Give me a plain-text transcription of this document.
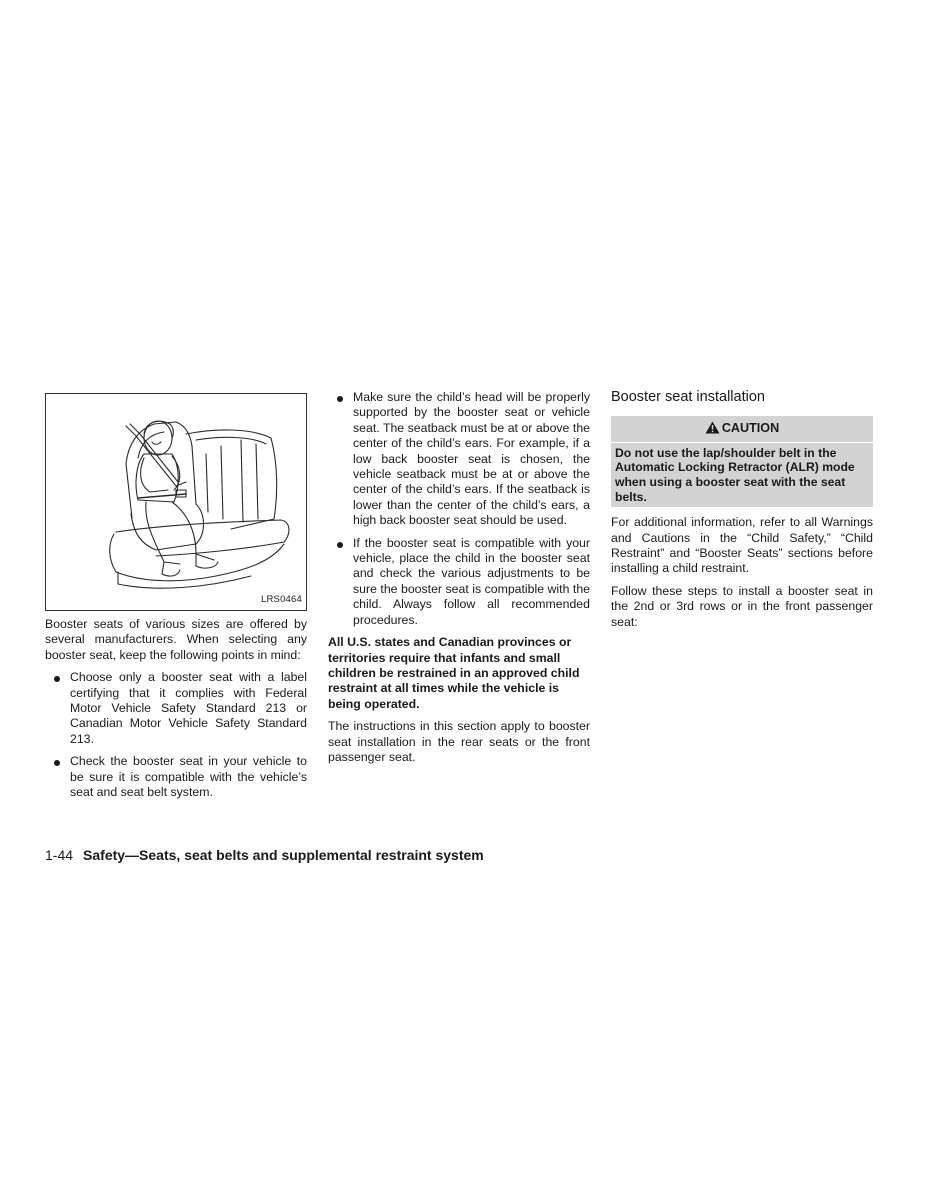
LRS0464

Booster seats of various sizes are offered by several manufacturers. When selecting any booster seat, keep the following points in mind:

Choose only a booster seat with a label certifying that it complies with Federal Motor Vehicle Safety Standard 213 or Canadian Motor Vehicle Safety Standard 213.
Check the booster seat in your vehicle to be sure it is compatible with the vehicle’s seat and seat belt system.
Make sure the child’s head will be properly supported by the booster seat or vehicle seat. The seatback must be at or above the center of the child’s ears. For example, if a low back booster seat is chosen, the vehicle seatback must be at or above the center of the child’s ears. If the seatback is lower than the center of the child’s ears, a high back booster seat should be used.
If the booster seat is compatible with your vehicle, place the child in the booster seat and check the various adjustments to be sure the booster seat is compatible with the child. Always follow all recommended procedures.

All U.S. states and Canadian provinces or territories require that infants and small children be restrained in an approved child restraint at all times while the vehicle is being operated.

The instructions in this section apply to booster seat installation in the rear seats or the front passenger seat.

Booster seat installation
CAUTION
Do not use the lap/shoulder belt in the Automatic Locking Retractor (ALR) mode when using a booster seat with the seat belts.

For additional information, refer to all Warnings and Cautions in the “Child Safety,” “Child Restraint” and “Booster Seats” sections before installing a child restraint.

Follow these steps to install a booster seat in the 2nd or 3rd rows or in the front passenger seat:

1-44 Safety—Seats, seat belts and supplemental restraint system
